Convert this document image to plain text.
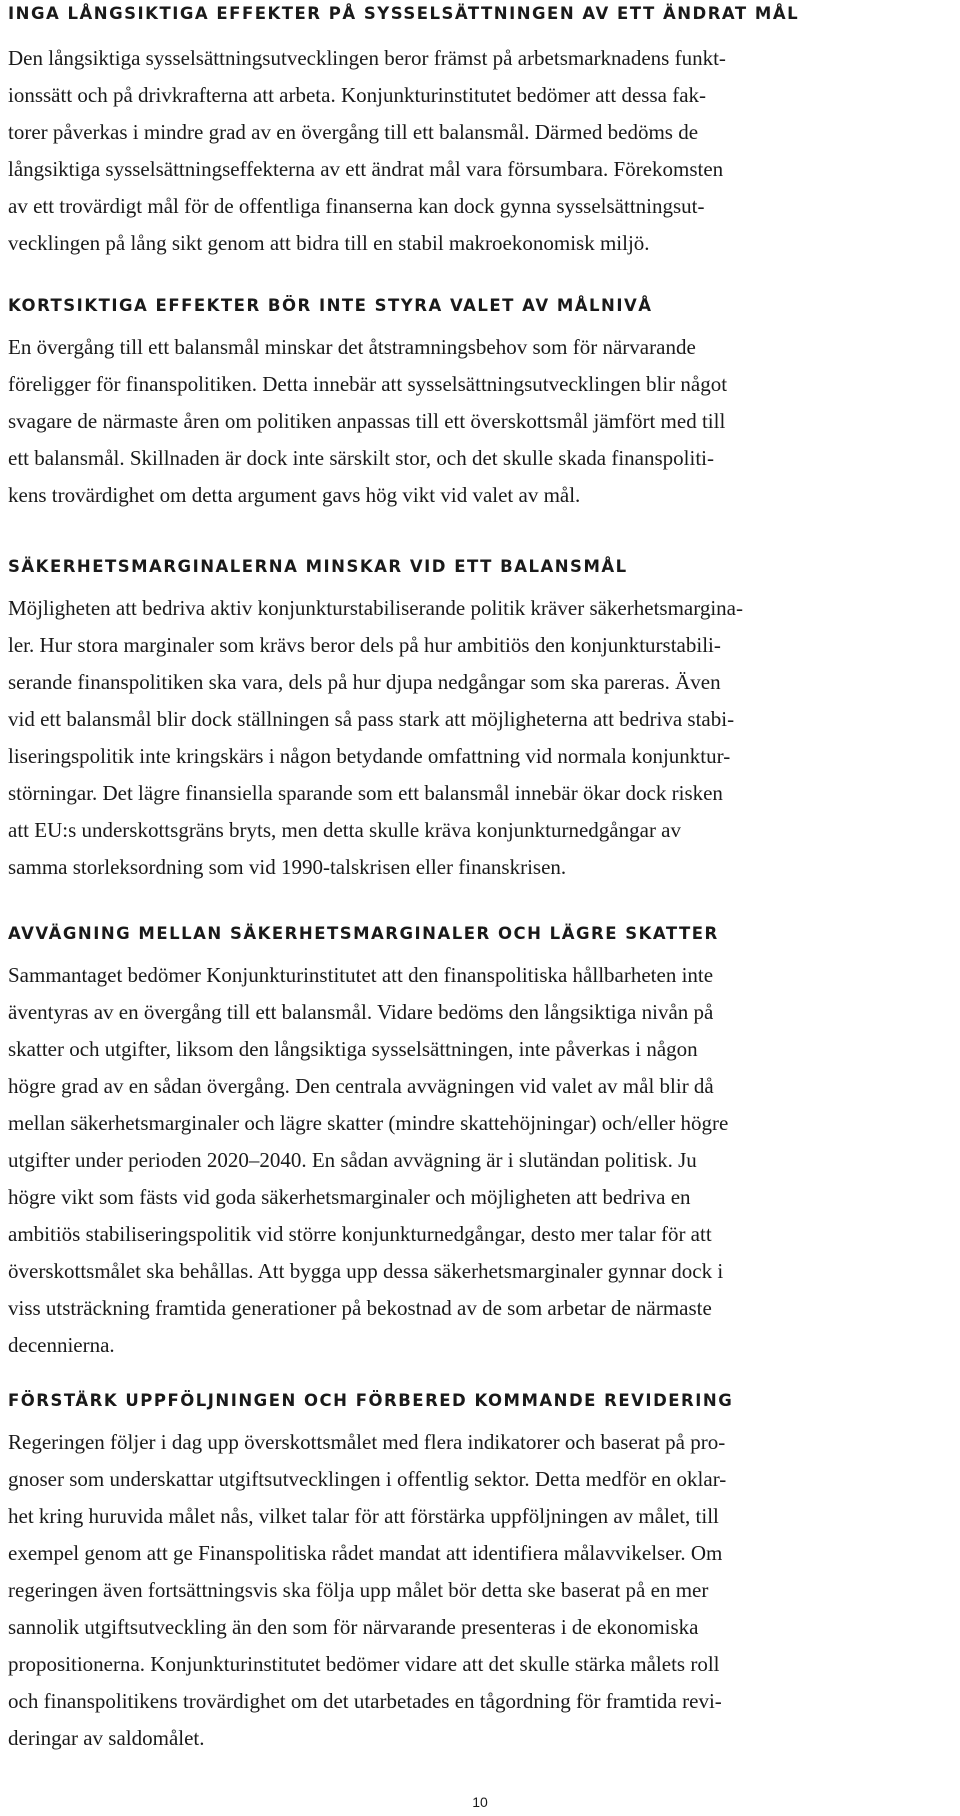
INGA LÅNGSIKTIGA EFFEKTER PÅ SYSSELSÄTTNINGEN AV ETT ÄNDRAT MÅL

Den långsiktiga sysselsättningsutvecklingen beror främst på arbetsmarknadens funkt-
ionssätt och på drivkrafterna att arbeta. Konjunkturinstitutet bedömer att dessa fak-
torer påverkas i mindre grad av en övergång till ett balansmål. Därmed bedöms de
långsiktiga sysselsättningseffekterna av ett ändrat mål vara försumbara. Förekomsten
av ett trovärdigt mål för de offentliga finanserna kan dock gynna sysselsättningsut-
vecklingen på lång sikt genom att bidra till en stabil makroekonomisk miljö.

KORTSIKTIGA EFFEKTER BÖR INTE STYRA VALET AV MÅLNIVÅ

En övergång till ett balansmål minskar det åtstramningsbehov som för närvarande
föreligger för finanspolitiken. Detta innebär att sysselsättningsutvecklingen blir något
svagare de närmaste åren om politiken anpassas till ett överskottsmål jämfört med till
ett balansmål. Skillnaden är dock inte särskilt stor, och det skulle skada finanspoliti-
kens trovärdighet om detta argument gavs hög vikt vid valet av mål.

SÄKERHETSMARGINALERNA MINSKAR VID ETT BALANSMÅL

Möjligheten att bedriva aktiv konjunkturstabiliserande politik kräver säkerhetsmargina-
ler. Hur stora marginaler som krävs beror dels på hur ambitiös den konjunkturstabili-
serande finanspolitiken ska vara, dels på hur djupa nedgångar som ska pareras. Även
vid ett balansmål blir dock ställningen så pass stark att möjligheterna att bedriva stabi-
liseringspolitik inte kringskärs i någon betydande omfattning vid normala konjunktur-
störningar. Det lägre finansiella sparande som ett balansmål innebär ökar dock risken
att EU:s underskottsgräns bryts, men detta skulle kräva konjunkturnedgångar av
samma storleksordning som vid 1990-talskrisen eller finanskrisen.

AVVÄGNING MELLAN SÄKERHETSMARGINALER OCH LÄGRE SKATTER

Sammantaget bedömer Konjunkturinstitutet att den finanspolitiska hållbarheten inte
äventyras av en övergång till ett balansmål. Vidare bedöms den långsiktiga nivån på
skatter och utgifter, liksom den långsiktiga sysselsättningen, inte påverkas i någon
högre grad av en sådan övergång. Den centrala avvägningen vid valet av mål blir då
mellan säkerhetsmarginaler och lägre skatter (mindre skattehöjningar) och/eller högre
utgifter under perioden 2020–2040. En sådan avvägning är i slutändan politisk. Ju
högre vikt som fästs vid goda säkerhetsmarginaler och möjligheten att bedriva en
ambitiös stabiliseringspolitik vid större konjunkturnedgångar, desto mer talar för att
överskottsmålet ska behållas. Att bygga upp dessa säkerhetsmarginaler gynnar dock i
viss utsträckning framtida generationer på bekostnad av de som arbetar de närmaste
decennierna.

FÖRSTÄRK UPPFÖLJNINGEN OCH FÖRBERED KOMMANDE REVIDERING

Regeringen följer i dag upp överskottsmålet med flera indikatorer och baserat på pro-
gnoser som underskattar utgiftsutvecklingen i offentlig sektor. Detta medför en oklar-
het kring huruvida målet nås, vilket talar för att förstärka uppföljningen av målet, till
exempel genom att ge Finanspolitiska rådet mandat att identifiera målavvikelser. Om
regeringen även fortsättningsvis ska följa upp målet bör detta ske baserat på en mer
sannolik utgiftsutveckling än den som för närvarande presenteras i de ekonomiska
propositionerna. Konjunkturinstitutet bedömer vidare att det skulle stärka målets roll
och finanspolitikens trovärdighet om det utarbetades en tågordning för framtida revi-
deringar av saldomålet.

10
